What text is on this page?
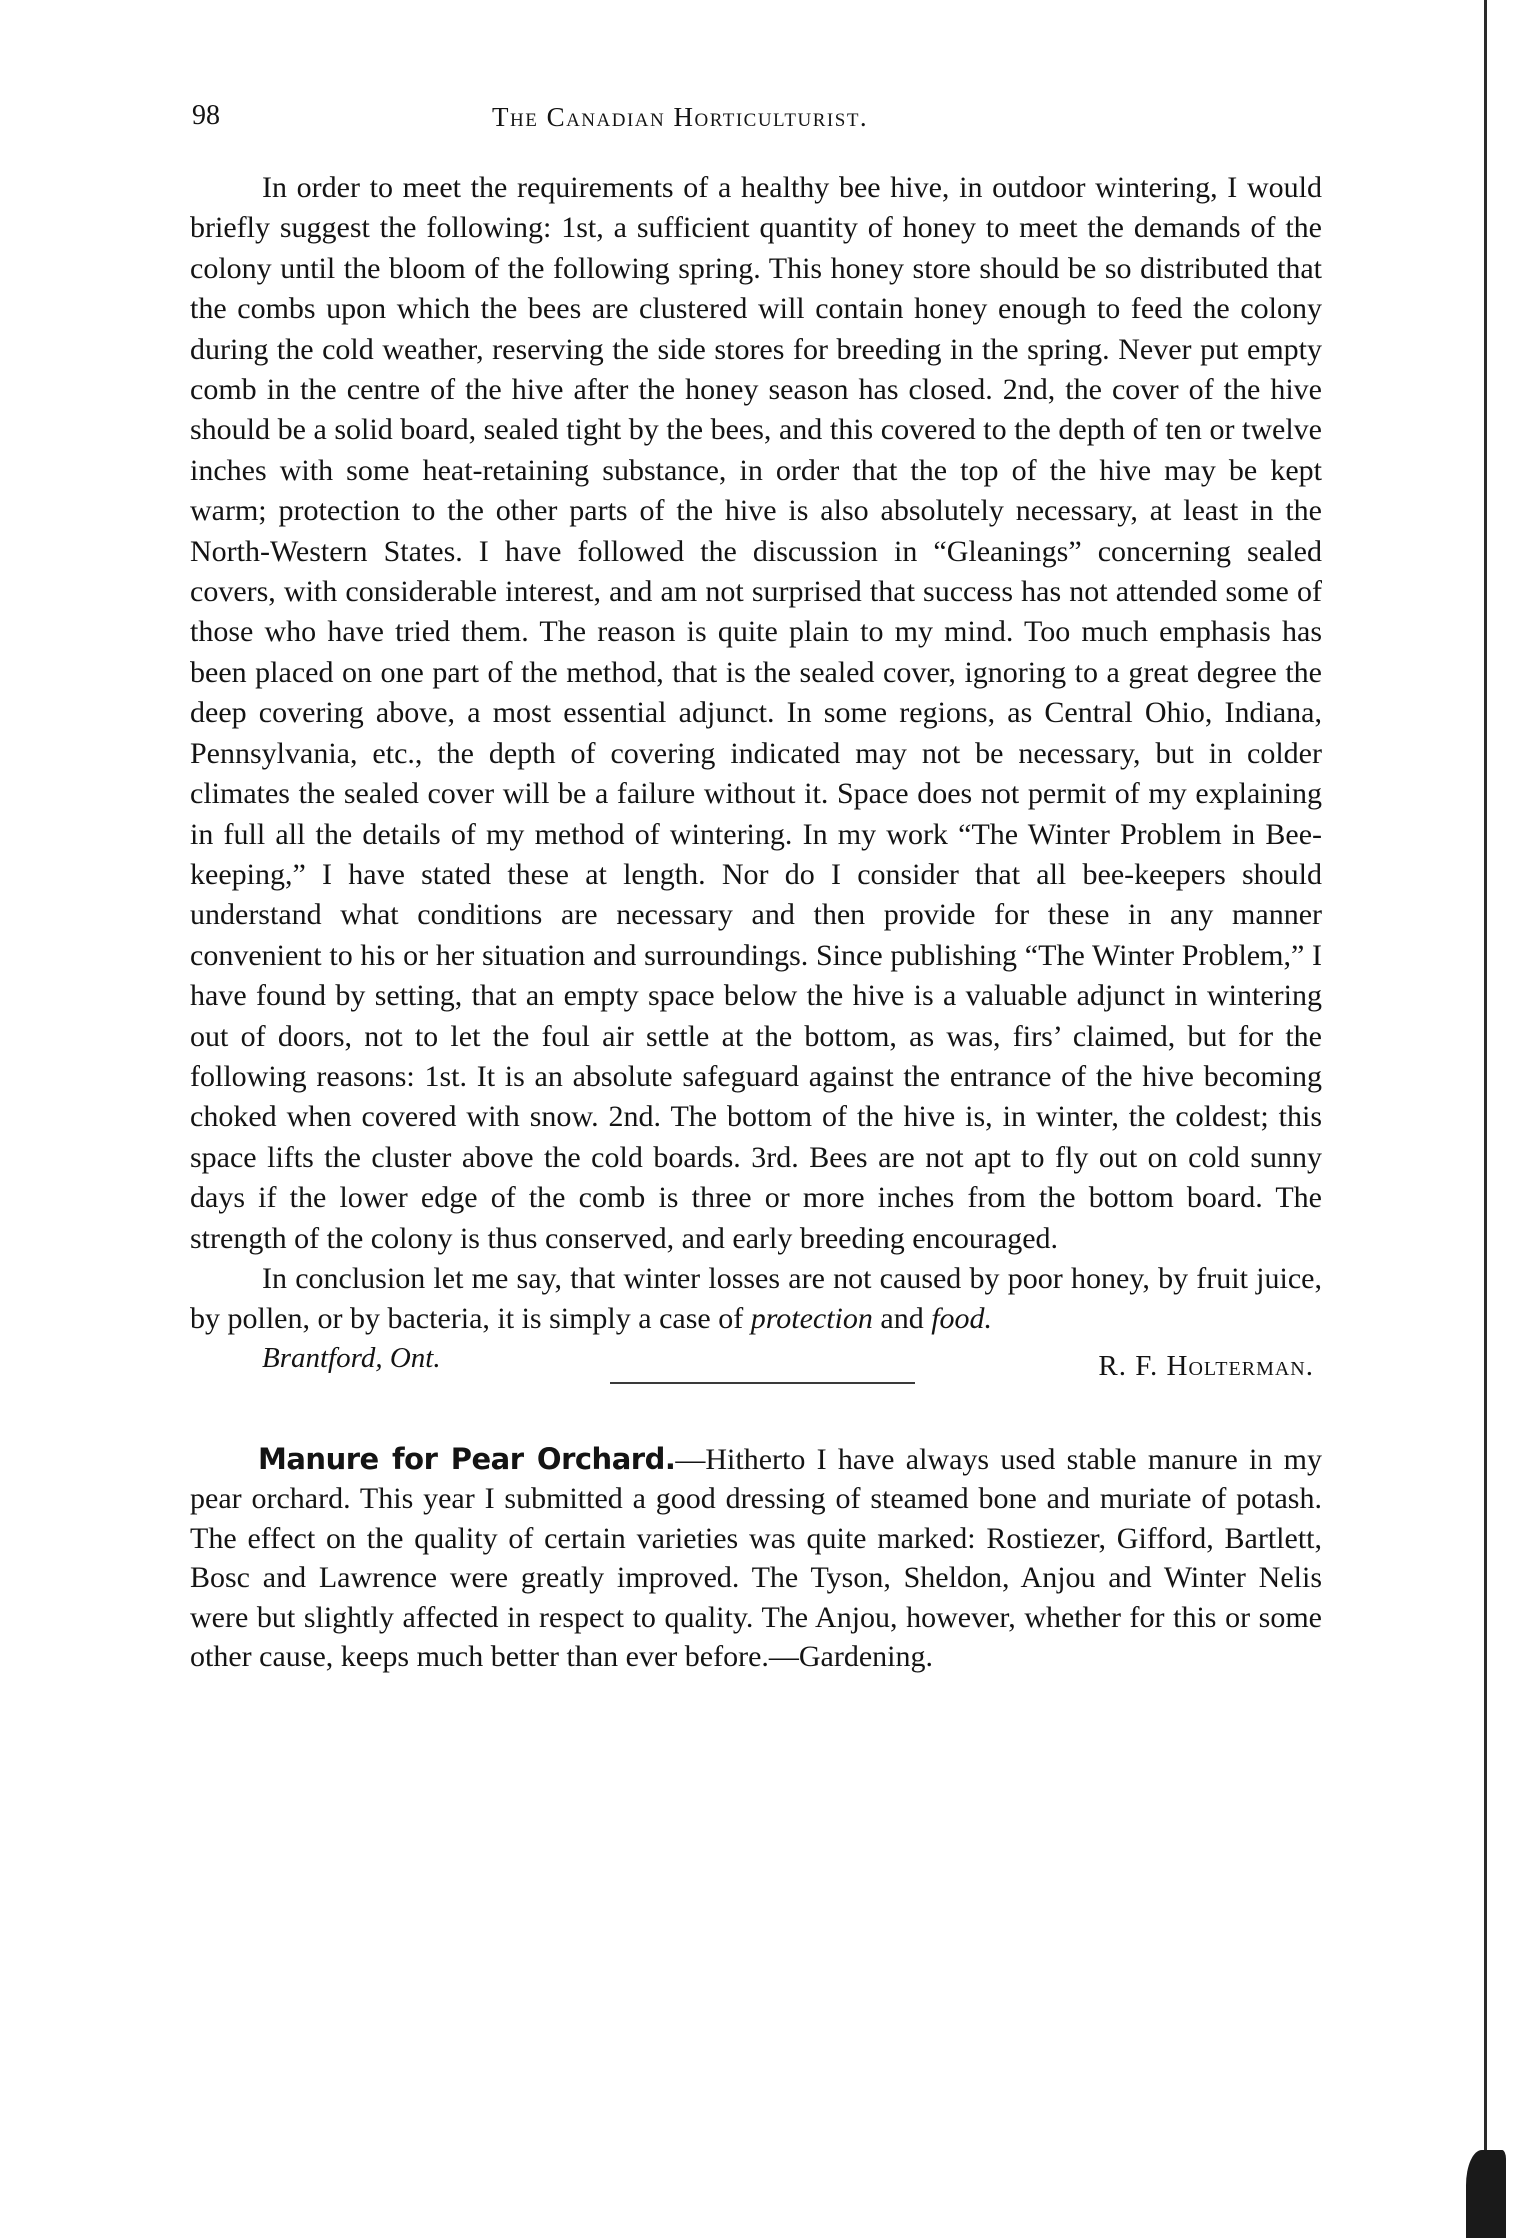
98	The Canadian Horticulturist.

In order to meet the requirements of a healthy bee hive, in outdoor wintering, I would briefly suggest the following: 1st, a sufficient quantity of honey to meet the demands of the colony until the bloom of the following spring. This honey store should be so distributed that the combs upon which the bees are clustered will contain honey enough to feed the colony during the cold weather, reserving the side stores for breeding in the spring. Never put empty comb in the centre of the hive after the honey season has closed. 2nd, the cover of the hive should be a solid board, sealed tight by the bees, and this covered to the depth of ten or twelve inches with some heat-retaining substance, in order that the top of the hive may be kept warm; protection to the other parts of the hive is also absolutely necessary, at least in the North-Western States. I have followed the discussion in “Gleanings” concerning sealed covers, with considerable interest, and am not surprised that success has not attended some of those who have tried them. The reason is quite plain to my mind. Too much emphasis has been placed on one part of the method, that is the sealed cover, ignoring to a great degree the deep covering above, a most essential adjunct. In some regions, as Central Ohio, Indiana, Pennsylvania, etc., the depth of covering indicated may not be necessary, but in colder climates the sealed cover will be a failure without it. Space does not permit of my explaining in full all the details of my method of wintering. In my work “The Winter Problem in Bee-keeping,” I have stated these at length. Nor do I consider that all bee-keepers should understand what conditions are necessary and then provide for these in any manner convenient to his or her situation and surroundings. Since publishing “The Winter Problem,” I have found by setting, that an empty space below the hive is a valuable adjunct in wintering out of doors, not to let the foul air settle at the bottom, as was, firs’ claimed, but for the following reasons: 1st. It is an absolute safeguard against the entrance of the hive becoming choked when covered with snow. 2nd. The bottom of the hive is, in winter, the coldest; this space lifts the cluster above the cold boards. 3rd. Bees are not apt to fly out on cold sunny days if the lower edge of the comb is three or more inches from the bottom board. The strength of the colony is thus conserved, and early breeding encouraged.

In conclusion let me say, that winter losses are not caused by poor honey, by fruit juice, by pollen, or by bacteria, it is simply a case of protection and food.

Brantford, Ont.	R. F. Holterman.

Manure for Pear Orchard.—Hitherto I have always used stable manure in my pear orchard. This year I submitted a good dressing of steamed bone and muriate of potash. The effect on the quality of certain varieties was quite marked: Rostiezer, Gifford, Bartlett, Bosc and Lawrence were greatly improved. The Tyson, Sheldon, Anjou and Winter Nelis were but slightly affected in respect to quality. The Anjou, however, whether for this or some other cause, keeps much better than ever before.—Gardening.
